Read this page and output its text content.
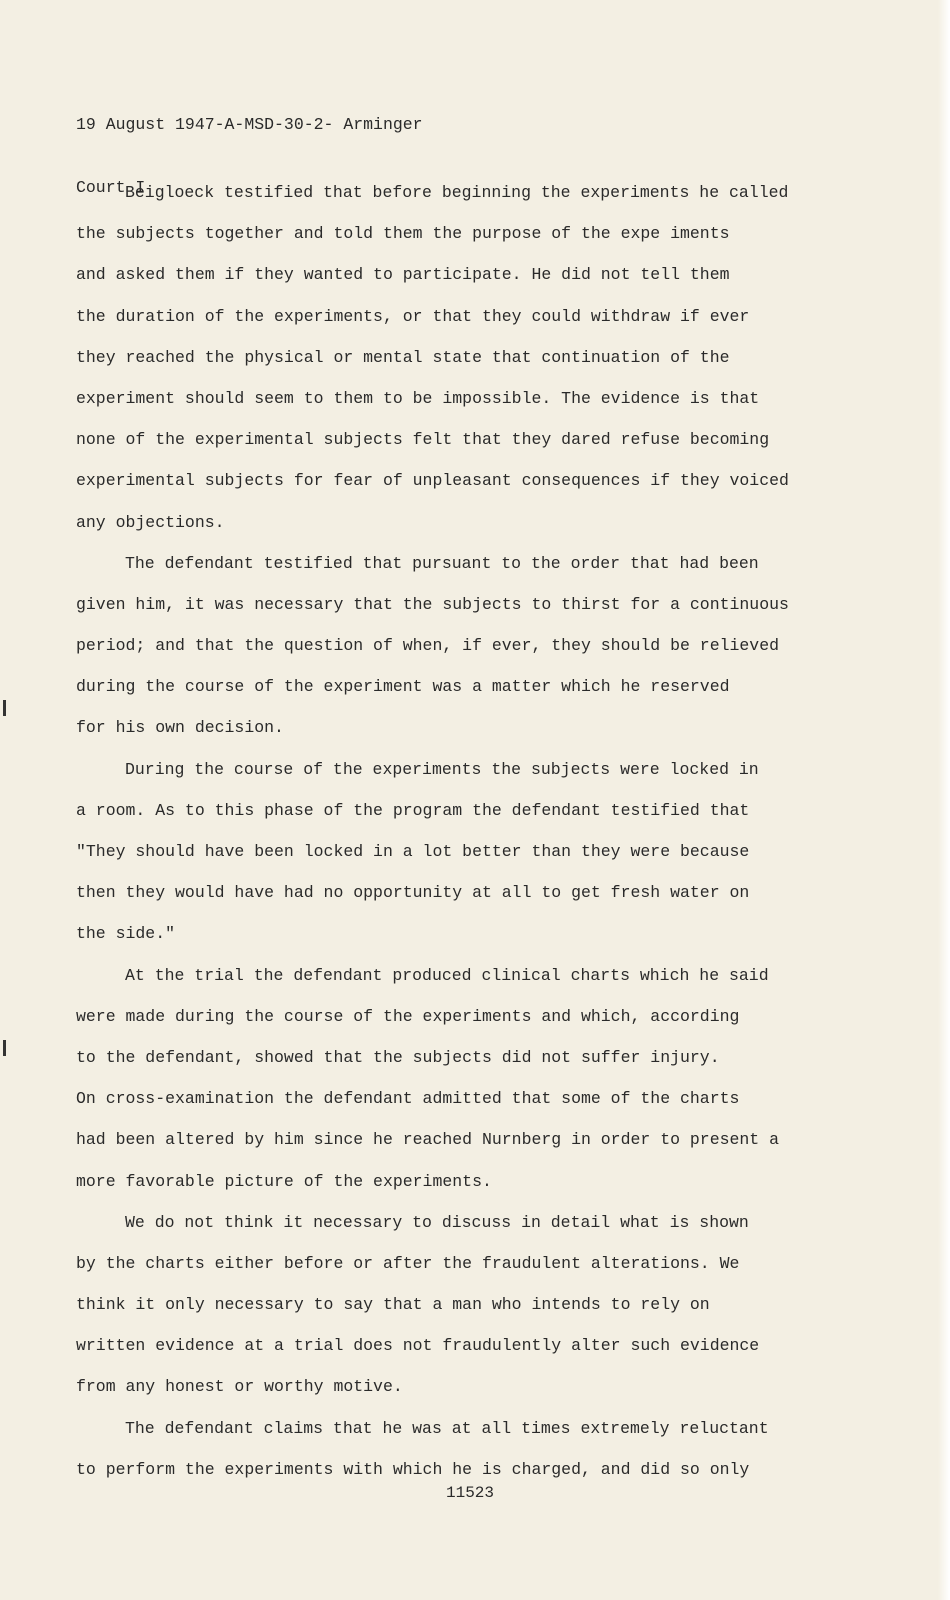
19 August 1947-A-MSD-30-2- Arminger

Court I

Beigloeck testified that before beginning the experiments he called
the subjects together and told them the purpose of the expe iments
and asked them if they wanted to participate. He did not tell them
the duration of the experiments, or that they could withdraw if ever
they reached the physical or mental state that continuation of the
experiment should seem to them to be impossible. The evidence is that
none of the experimental subjects felt that they dared refuse becoming
experimental subjects for fear of unpleasant consequences if they voiced
any objections.
The defendant testified that pursuant to the order that had been
given him, it was necessary that the subjects to thirst for a continuous
period; and that the question of when, if ever, they should be relieved
during the course of the experiment was a matter which he reserved
for his own decision.
During the course of the experiments the subjects were locked in
a room. As to this phase of the program the defendant testified that
"They should have been locked in a lot better than they were because
then they would have had no opportunity at all to get fresh water on
the side."
At the trial the defendant produced clinical charts which he said
were made during the course of the experiments and which, according
to the defendant, showed that the subjects did not suffer injury.
On cross-examination the defendant admitted that some of the charts
had been altered by him since he reached Nurnberg in order to present a
more favorable picture of the experiments.
We do not think it necessary to discuss in detail what is shown
by the charts either before or after the fraudulent alterations. We
think it only necessary to say that a man who intends to rely on
written evidence at a trial does not fraudulently alter such evidence
from any honest or worthy motive.
The defendant claims that he was at all times extremely reluctant
to perform the experiments with which he is charged, and did so only
11523
